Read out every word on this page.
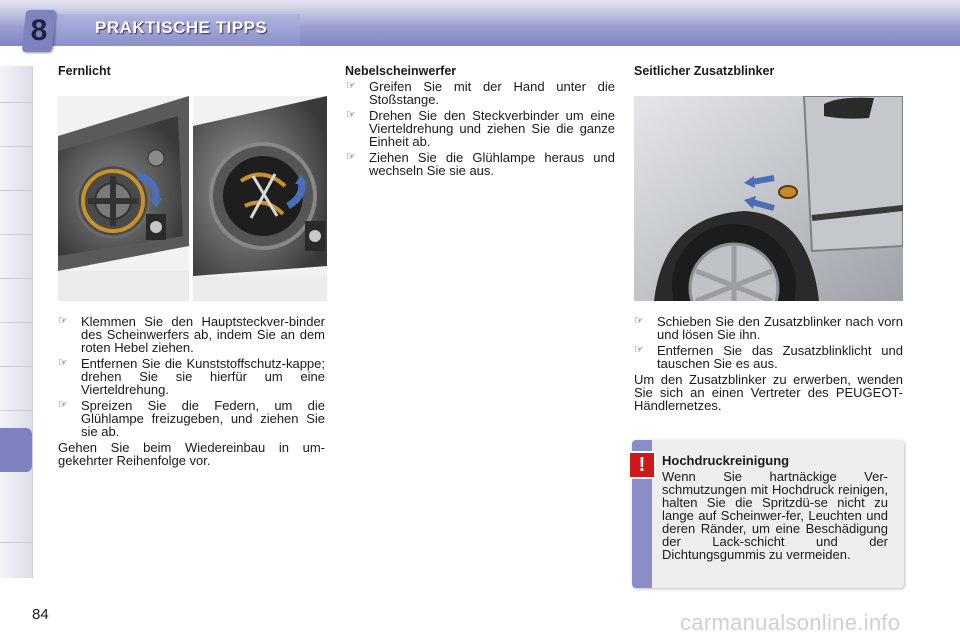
8	PRAKTISCHE TIPPS
Fernlicht
☞ Klemmen Sie den Hauptsteckver-binder des Scheinwerfers ab, indem Sie an dem roten Hebel ziehen.
☞ Entfernen Sie die Kunststoffschutz-kappe; drehen Sie sie hierfür um eine Vierteldrehung.
☞ Spreizen Sie die Federn, um die Glühlampe freizugeben, und ziehen Sie sie ab.
Gehen Sie beim Wiedereinbau in um-gekehrter Reihenfolge vor.
Nebelscheinwerfer
☞ Greifen Sie mit der Hand unter die Stoßstange.
☞ Drehen Sie den Steckverbinder um eine Vierteldrehung und ziehen Sie die ganze Einheit ab.
☞ Ziehen Sie die Glühlampe heraus und wechseln Sie sie aus.
Seitlicher Zusatzblinker
☞ Schieben Sie den Zusatzblinker nach vorn und lösen Sie ihn.
☞ Entfernen Sie das Zusatzblinklicht und tauschen Sie es aus.
Um den Zusatzblinker zu erwerben, wenden Sie sich an einen Vertreter des PEUGEOT-Händlernetzes.
!	Hochdruckreinigung
Wenn Sie hartnäckige Ver-schmutzungen mit Hochdruck reinigen, halten Sie die Spritzdü-se nicht zu lange auf Scheinwer-fer, Leuchten und deren Ränder, um eine Beschädigung der Lack-schicht und der Dichtungsgummis zu vermeiden.
84	carmanualsonline.info
